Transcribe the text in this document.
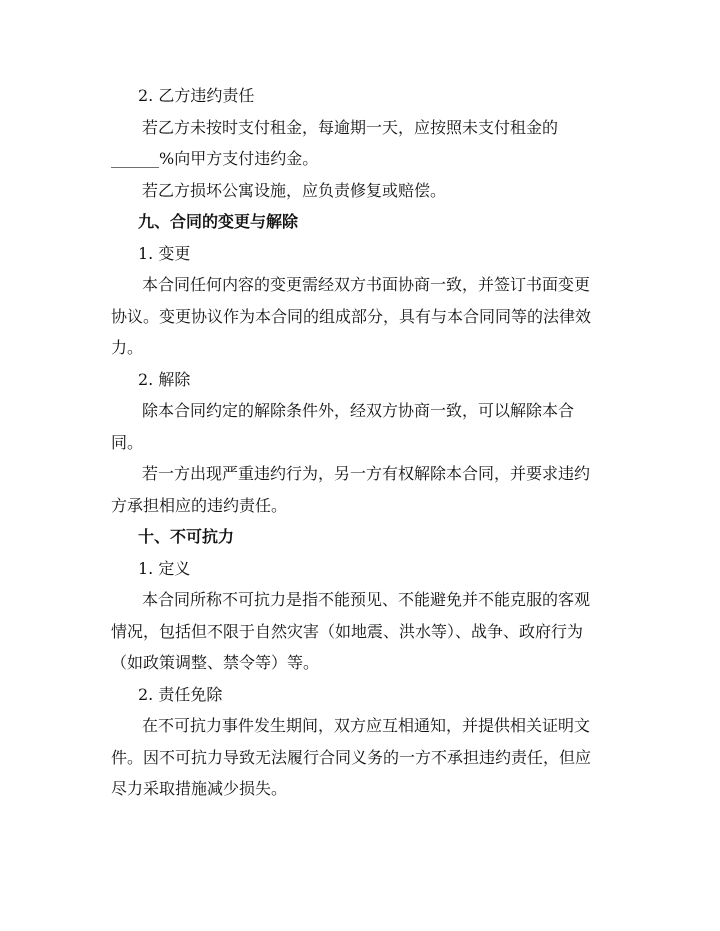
2. 乙方违约责任
若乙方未按时支付租金，每逾期一天，应按照未支付租金的
______%向甲方支付违约金。
若乙方损坏公寓设施，应负责修复或赔偿。
九、合同的变更与解除
1. 变更
本合同任何内容的变更需经双方书面协商一致，并签订书面变更
协议。变更协议作为本合同的组成部分，具有与本合同同等的法律效
力。
2. 解除
除本合同约定的解除条件外，经双方协商一致，可以解除本合
同。
若一方出现严重违约行为，另一方有权解除本合同，并要求违约
方承担相应的违约责任。
十、不可抗力
1. 定义
本合同所称不可抗力是指不能预见、不能避免并不能克服的客观
情况，包括但不限于自然灾害（如地震、洪水等）、战争、政府行为
（如政策调整、禁令等）等。
2. 责任免除
在不可抗力事件发生期间，双方应互相通知，并提供相关证明文
件。因不可抗力导致无法履行合同义务的一方不承担违约责任，但应
尽力采取措施减少损失。
